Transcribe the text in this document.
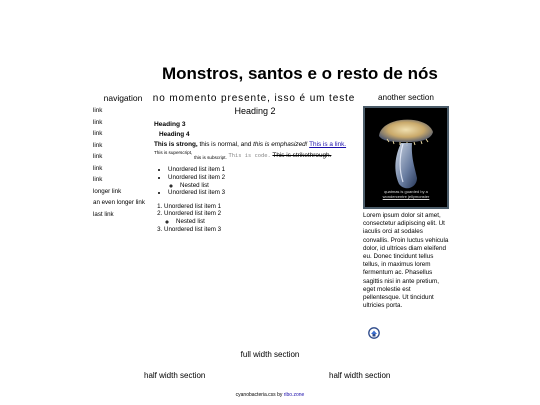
Monstros, santos e o resto de nós
navigation
link
link
link
link
link
link
link
longer link
an even longer link
last link
no momento presente, isso é um teste
Heading 2
Heading 3
Heading 4

This is strong, this is normal, and this is emphasized! This is a link. $^{This is superscript,}$ $_{this is subscript.}$ This is code. This is strikethrough.

• Unordered list item 1
• Unordered list item 2
◦ Nested list
• Unordered list item 3
1. Unordered list item 1
2. Unordered list item 2
◦ Nested list
3. Unordered list item 3
another section
quatmas is guarded by a
wondercentre jellymonster

Lorem ipsum dolor sit amet, consectetur adipiscing elit. Ut iaculis orci at sodales convallis. Proin luctus vehicula dolor, id ultrices diam eleifend eu. Donec tincidunt tellus tellus, in maximus lorem fermentum ac. Phasellus sagittis nisi in ante pretium, eget molestie est pellentesque. Ut tincidunt ultricies porta.

full width section
half width section	half width section
cyanobacteria.css by ribo.zone
